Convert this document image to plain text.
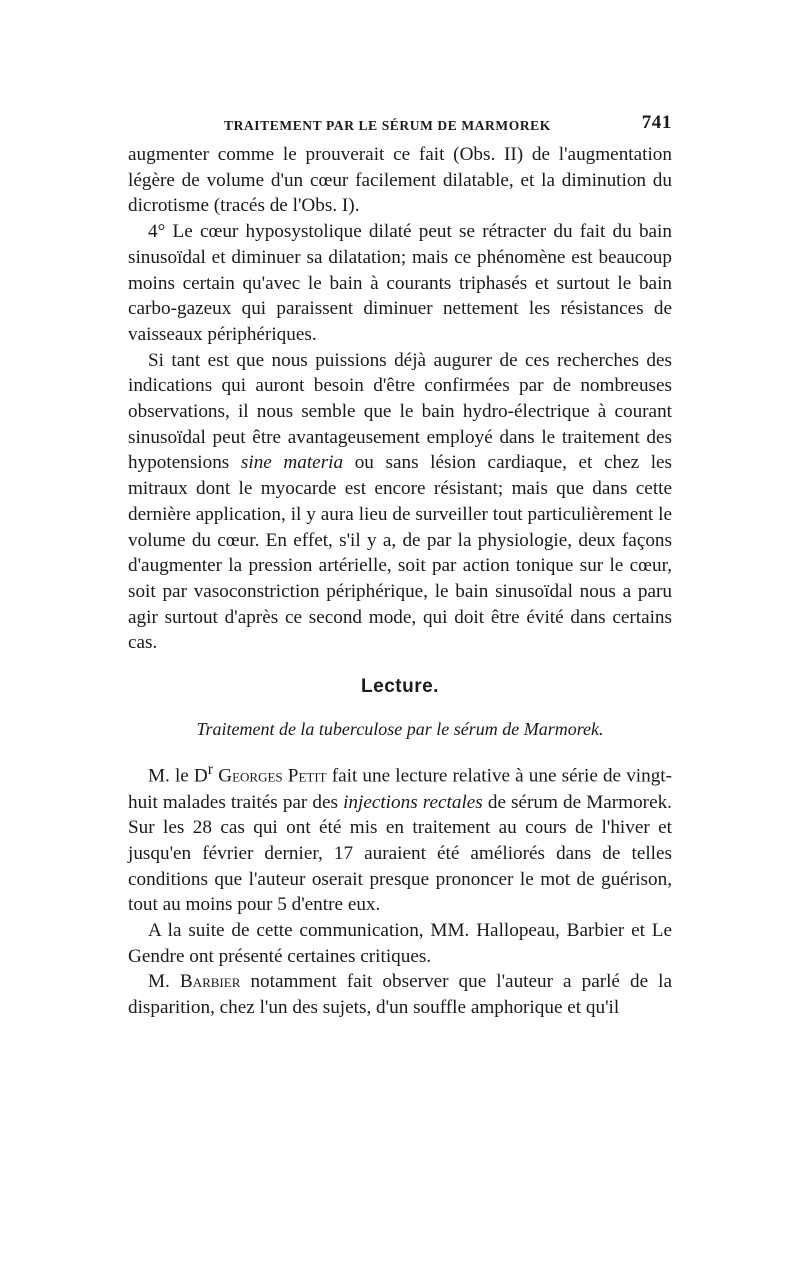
TRAITEMENT PAR LE SÉRUM DE MARMOREK	741

augmenter comme le prouverait ce fait (Obs. II) de l'augmentation légère de volume d'un cœur facilement dilatable, et la diminution du dicrotisme (tracés de l'Obs. I).

4° Le cœur hyposystolique dilaté peut se rétracter du fait du bain sinusoïdal et diminuer sa dilatation; mais ce phénomène est beaucoup moins certain qu'avec le bain à courants triphasés et surtout le bain carbo-gazeux qui paraissent diminuer nettement les résistances de vaisseaux périphériques.

Si tant est que nous puissions déjà augurer de ces recherches des indications qui auront besoin d'être confirmées par de nombreuses observations, il nous semble que le bain hydro-électrique à courant sinusoïdal peut être avantageusement employé dans le traitement des hypotensions sine materia ou sans lésion cardiaque, et chez les mitraux dont le myocarde est encore résistant; mais que dans cette dernière application, il y aura lieu de surveiller tout particulièrement le volume du cœur. En effet, s'il y a, de par la physiologie, deux façons d'augmenter la pression artérielle, soit par action tonique sur le cœur, soit par vasoconstriction périphérique, le bain sinusoïdal nous a paru agir surtout d'après ce second mode, qui doit être évité dans certains cas.

Lecture.
Traitement de la tuberculose par le sérum de Marmorek.

M. le $D^r$ Georges Petit fait une lecture relative à une série de vingt-huit malades traités par des injections rectales de sérum de Marmorek. Sur les 28 cas qui ont été mis en traitement au cours de l'hiver et jusqu'en février dernier, 17 auraient été améliorés dans de telles conditions que l'auteur oserait presque prononcer le mot de guérison, tout au moins pour 5 d'entre eux.

A la suite de cette communication, MM. Hallopeau, Barbier et Le Gendre ont présenté certaines critiques.

M. Barbier notamment fait observer que l'auteur a parlé de la disparition, chez l'un des sujets, d'un souffle amphorique et qu'il
